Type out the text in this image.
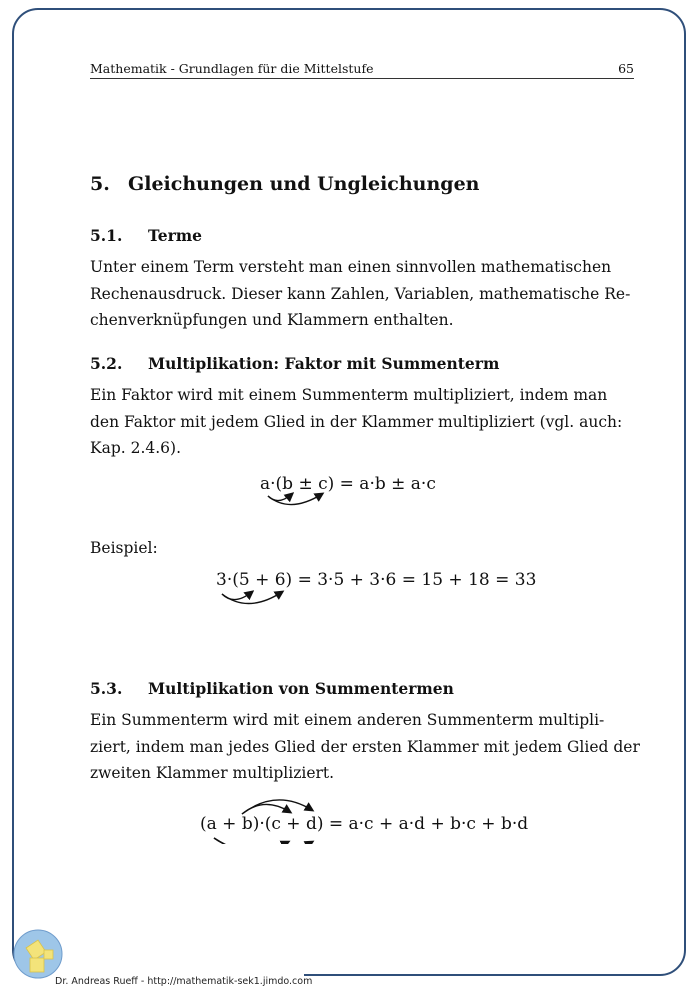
Mathematik - Grundlagen für die Mittelstufe	65
5. Gleichungen und Ungleichungen
5.1. Terme
Unter einem Term versteht man einen sinnvollen mathematischen
Rechenausdruck. Dieser kann Zahlen, Variablen, mathematische Re-
chenverknüpfungen und Klammern enthalten.
5.2. Multiplikation: Faktor mit Summenterm
Ein Faktor wird mit einem Summenterm multipliziert, indem man
den Faktor mit jedem Glied in der Klammer multipliziert (vgl. auch:
Kap. 2.4.6).
a·(b ± c) = a·b ± a·c
Beispiel:
3·(5 + 6) = 3·5 + 3·6 = 15 + 18 = 33
5.3. Multiplikation von Summentermen
Ein Summenterm wird mit einem anderen Summenterm multipli-
ziert, indem man jedes Glied der ersten Klammer mit jedem Glied der
zweiten Klammer multipliziert.
(a + b)·(c + d) = a·c + a·d + b·c + b·d
Dr. Andreas Rueff - http://mathematik-sek1.jimdo.com
